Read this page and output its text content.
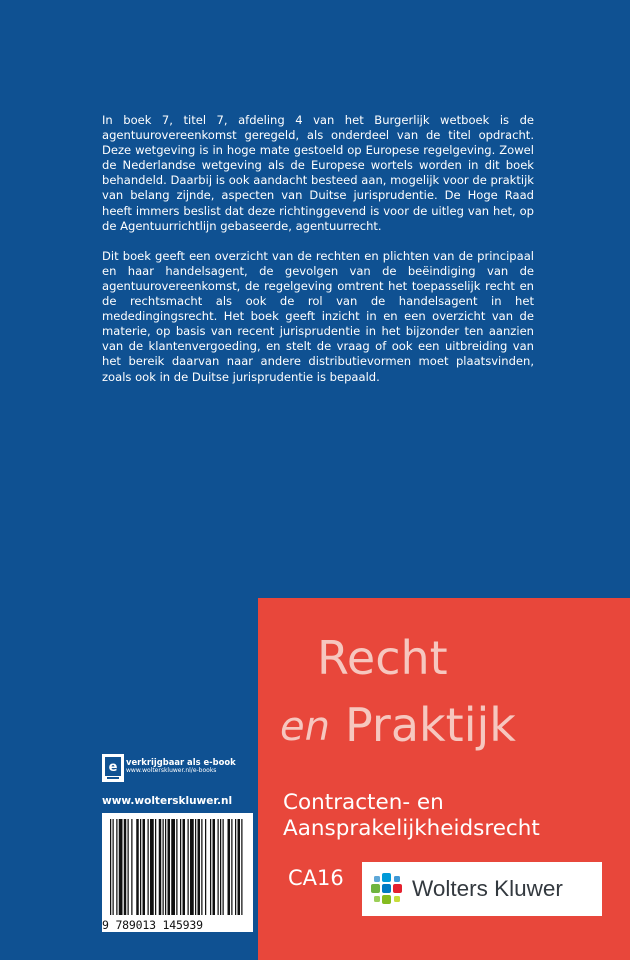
In boek 7, titel 7, afdeling 4 van het Burgerlijk wetboek is de agentuurovereenkomst geregeld, als onderdeel van de titel opdracht. Deze wetgeving is in hoge mate gestoeld op Europese regelgeving. Zowel de Nederlandse wetgeving als de Europese wortels worden in dit boek behandeld. Daarbij is ook aandacht besteed aan, mogelijk voor de praktijk van belang zijnde, aspecten van Duitse jurisprudentie. De Hoge Raad heeft immers beslist dat deze richtinggevend is voor de uitleg van het, op de Agentuurrichtlijn gebaseerde, agentuurrecht.

Dit boek geeft een overzicht van de rechten en plichten van de principaal en haar handelsagent, de gevolgen van de beëindiging van de agentuurovereenkomst, de regelgeving omtrent het toepasselijk recht en de rechtsmacht als ook de rol van de handelsagent in het mededingingsrecht. Het boek geeft inzicht in en een overzicht van de materie, op basis van recent jurisprudentie in het bijzonder ten aanzien van de klantenvergoeding, en stelt de vraag of ook een uitbreiding van het bereik daarvan naar andere distributievormen moet plaatsvinden, zoals ook in de Duitse jurisprudentie is bepaald.

e verkrijgbaar als e-book
www.wolterskluwer.nl/e-books
www.wolterskluwer.nl
9 789013 145939
Recht
en Praktijk
Contracten- en
Aansprakelijkheidsrecht
CA16	Wolters Kluwer
